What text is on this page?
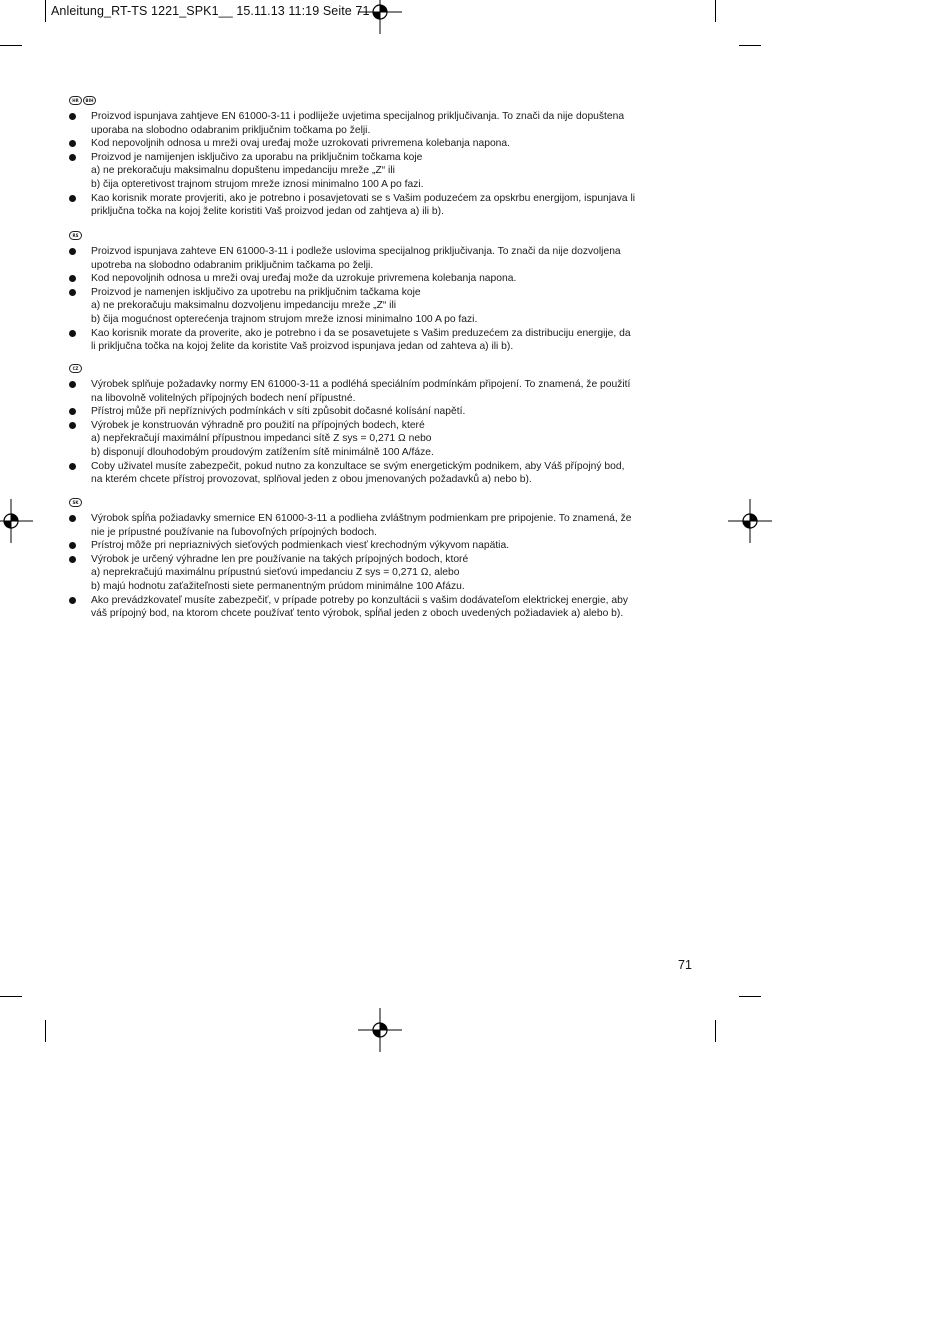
Anleitung_RT-TS 1221_SPK1__ 15.11.13 11:19 Seite 71
HR	BIH
Proizvod ispunjava zahtjeve EN 61000-3-11 i podliježe uvjetima specijalnog priključivanja. To znači da nije dopuštena
uporaba na slobodno odabranim priključnim točkama po želji.
Kod nepovoljnih odnosa u mreži ovaj uređaj može uzrokovati privremena kolebanja napona.
Proizvod je namijenjen isključivo za uporabu na priključnim točkama koje
a) ne prekoračuju maksimalnu dopuštenu impedanciju mreže „Z“ ili
b) čija opteretivost trajnom strujom mreže iznosi minimalno 100 A po fazi.
Kao korisnik morate provjeriti, ako je potrebno i posavjetovati se s Vašim poduzećem za opskrbu energijom, ispunjava li
priključna točka na kojoj želite koristiti Vaš proizvod jedan od zahtjeva a) ili b).
RS
Proizvod ispunjava zahteve EN 61000-3-11 i podleže uslovima specijalnog priključivanja. To znači da nije dozvoljena
upotreba na slobodno odabranim priključnim tačkama po želji.
Kod nepovoljnih odnosa u mreži ovaj uređaj može da uzrokuje privremena kolebanja napona.
Proizvod je namenjen isključivo za upotrebu na priključnim tačkama koje
a) ne prekoračuju maksimalnu dozvoljenu impedanciju mreže „Z“ ili
b) čija mogućnost opterećenja trajnom strujom mreže iznosi minimalno 100 A po fazi.
Kao korisnik morate da proverite, ako je potrebno i da se posavetujete s Vašim preduzećem za distribuciju energije, da
li priključna točka na kojoj želite da koristite Vaš proizvod ispunjava jedan od zahteva a) ili b).
CZ
Výrobek splňuje požadavky normy EN 61000-3-11 a podléhá speciálním podmínkám připojení. To znamená, že použití
na libovolně volitelných přípojných bodech není přípustné.
Přístroj může při nepříznivých podmínkách v síti způsobit dočasné kolísání napětí.
Výrobek je konstruován výhradně pro použití na přípojných bodech, které
a) nepřekračují maximální přípustnou impedanci sítě Z sys = 0,271 Ω nebo
b) disponují dlouhodobým proudovým zatížením sítě minimálně 100 A/fáze.
Coby uživatel musíte zabezpečit, pokud nutno za konzultace se svým energetickým podnikem, aby Váš přípojný bod,
na kterém chcete přístroj provozovat, splňoval jeden z obou jmenovaných požadavků a) nebo b).
SK
Výrobok spĺňa požiadavky smernice EN 61000-3-11 a podlieha zvláštnym podmienkam pre pripojenie. To znamená, že
nie je prípustné používanie na ľubovoľných prípojných bodoch.
Prístroj môže pri nepriaznivých sieťových podmienkach viesť krechodným výkyvom napätia.
Výrobok je určený výhradne len pre používanie na takých prípojných bodoch, ktoré
a) neprekračujú maximálnu prípustnú sieťovú impedanciu Z sys = 0,271 Ω, alebo
b) majú hodnotu zaťažiteľnosti siete permanentným prúdom minimálne 100 Afázu.
Ako prevádzkovateľ musíte zabezpečiť, v prípade potreby po konzultácii s vašim dodávateľom elektrickej energie, aby
váš prípojný bod, na ktorom chcete používať tento výrobok, spĺňal jeden z oboch uvedených požiadaviek a) alebo b).
71
